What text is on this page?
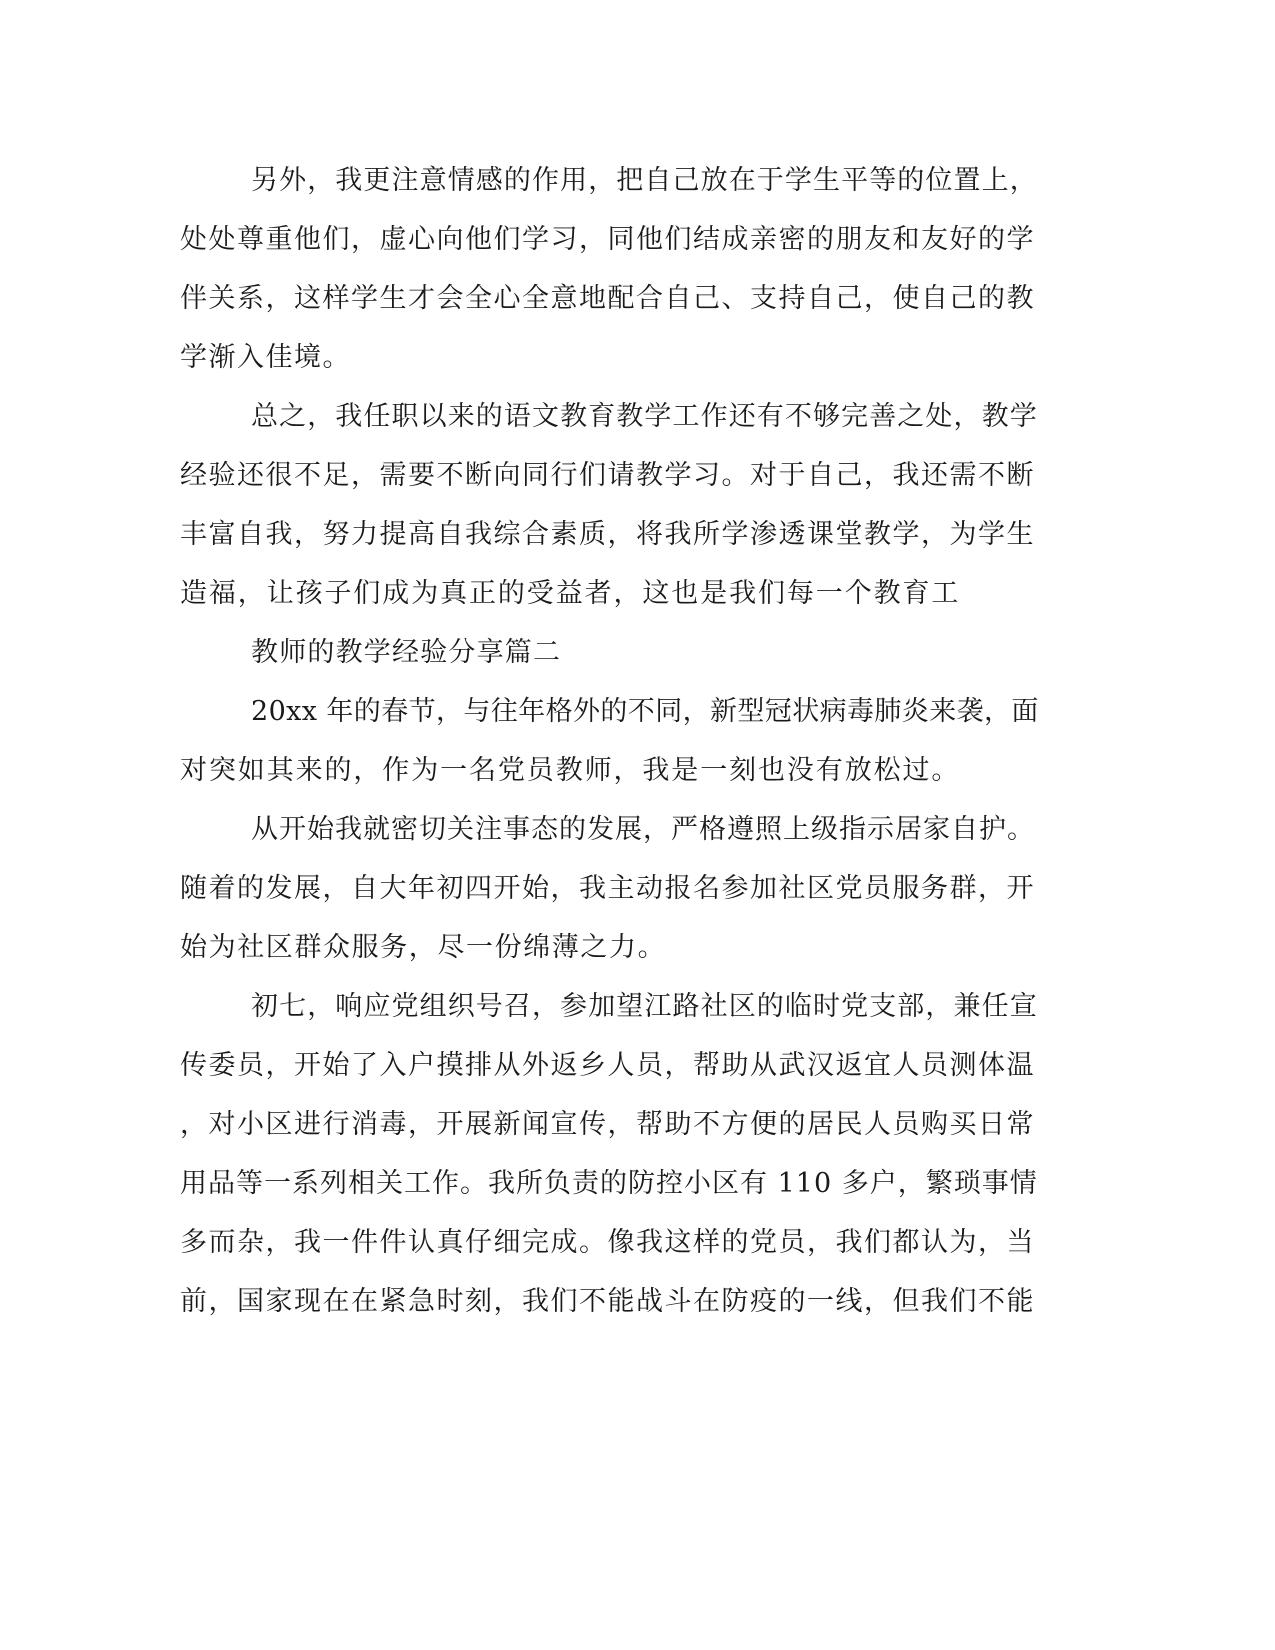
另外，我更注意情感的作用，把自己放在于学生平等的位置上，

处处尊重他们，虚心向他们学习，同他们结成亲密的朋友和友好的学

伴关系，这样学生才会全心全意地配合自己、支持自己，使自己的教

学渐入佳境。

总之，我任职以来的语文教育教学工作还有不够完善之处，教学

经验还很不足，需要不断向同行们请教学习。对于自己，我还需不断

丰富自我，努力提高自我综合素质，将我所学渗透课堂教学，为学生

造福，让孩子们成为真正的受益者，这也是我们每一个教育工

教师的教学经验分享篇二

20xx 年的春节，与往年格外的不同，新型冠状病毒肺炎来袭，面

对突如其来的，作为一名党员教师，我是一刻也没有放松过。

从开始我就密切关注事态的发展，严格遵照上级指示居家自护。

随着的发展，自大年初四开始，我主动报名参加社区党员服务群，开

始为社区群众服务，尽一份绵薄之力。

初七，响应党组织号召，参加望江路社区的临时党支部，兼任宣

传委员，开始了入户摸排从外返乡人员，帮助从武汉返宜人员测体温

，对小区进行消毒，开展新闻宣传，帮助不方便的居民人员购买日常

用品等一系列相关工作。我所负责的防控小区有 110 多户，繁琐事情

多而杂，我一件件认真仔细完成。像我这样的党员，我们都认为，当

前，国家现在在紧急时刻，我们不能战斗在防疫的一线，但我们不能
